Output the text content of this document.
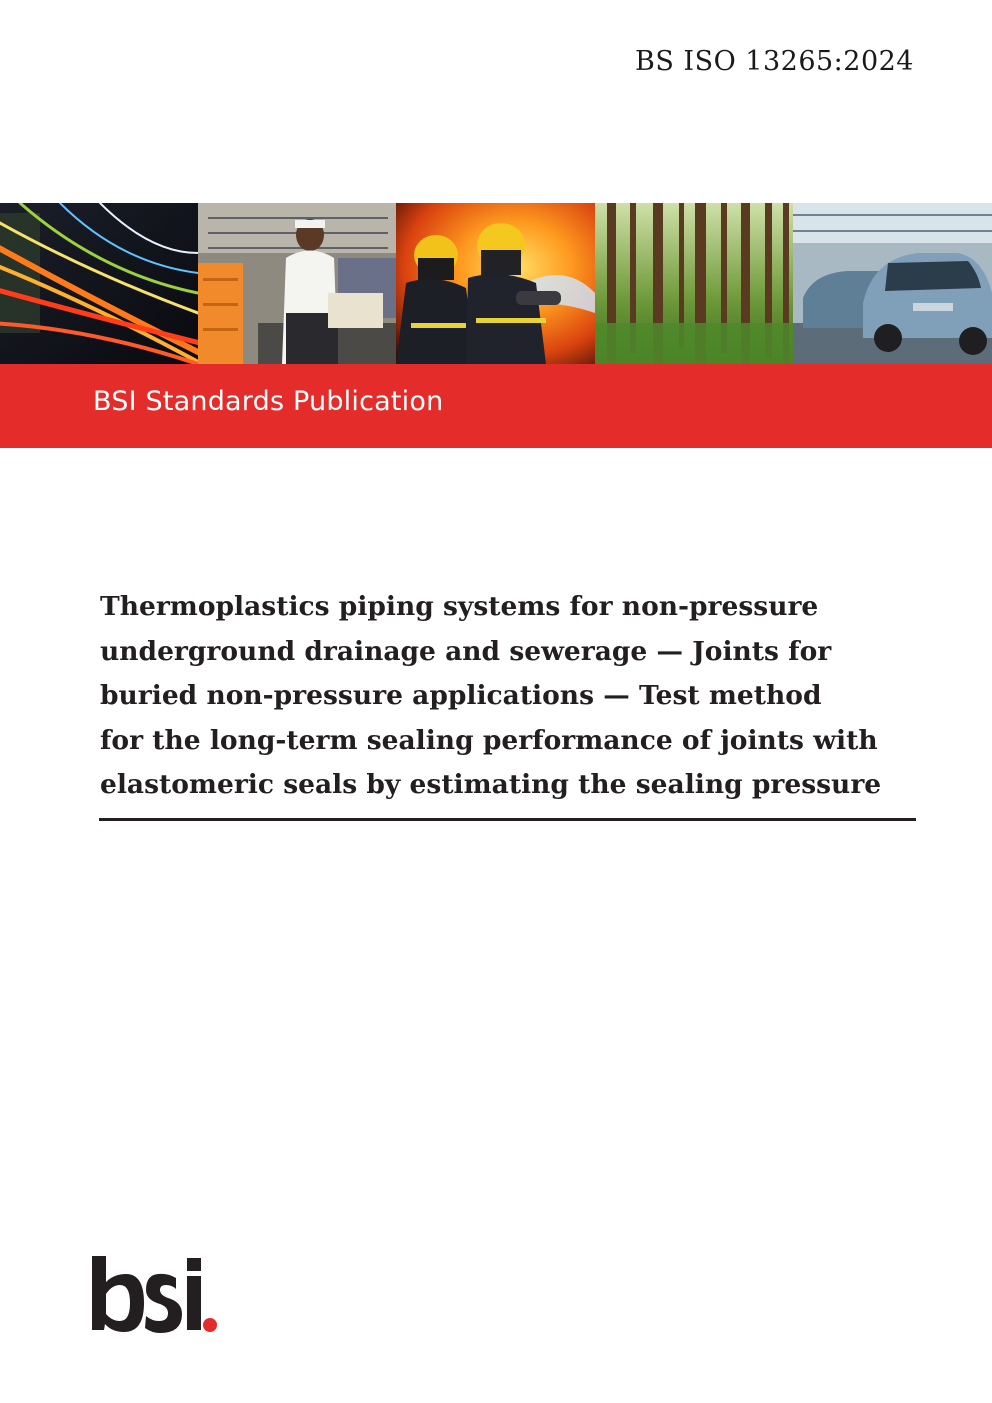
BS ISO 13265:2024
BSI Standards Publication
Thermoplastics piping systems for non-pressure
underground drainage and sewerage — Joints for
buried non-pressure applications — Test method
for the long-term sealing performance of joints with
elastomeric seals by estimating the sealing pressure
